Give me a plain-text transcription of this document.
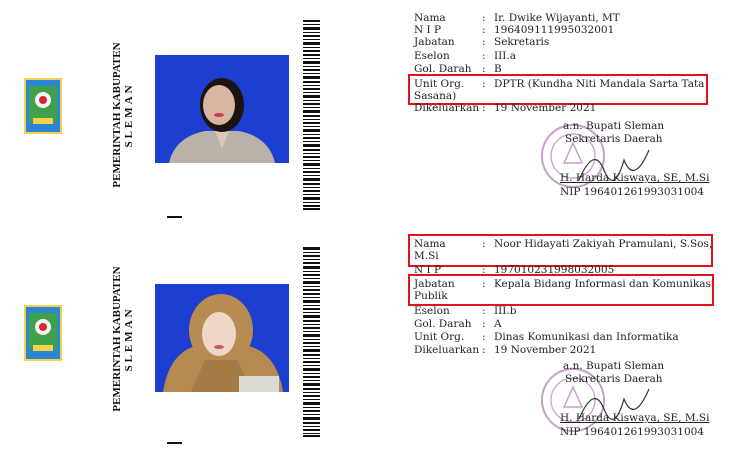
PEMERINTAH KABUPATEN SLEMAN
Nama	: Ir. Dwike Wijayanti, MT
N I P	: 196409111995032001
Jabatan	: Sekretaris
Eselon	: III.a
Gol. Darah : B
Unit Org. : DPTR (Kundha Niti Mandala Sarta Tata
Sasana)
Dikeluarkan : 19 November 2021
a.n. Bupati Sleman
Sekretaris Daerah
H. Harda Kiswaya, SE, M.Si
NIP 196401261993031004
PEMERINTAH KABUPATEN SLEMAN
Nama	: Noor Hidayati Zakiyah Pramulani, S.Sos,
M.Si
N I P	: 197010231998032005
Jabatan	: Kepala Bidang Informasi dan Komunikasi
Publik
Eselon	: III.b
Gol. Darah : A
Unit Org. : Dinas Komunikasi dan Informatika
Dikeluarkan : 19 November 2021
a.n. Bupati Sleman
Sekretaris Daerah
H. Harda Kiswaya, SE, M.Si
NIP 196401261993031004
